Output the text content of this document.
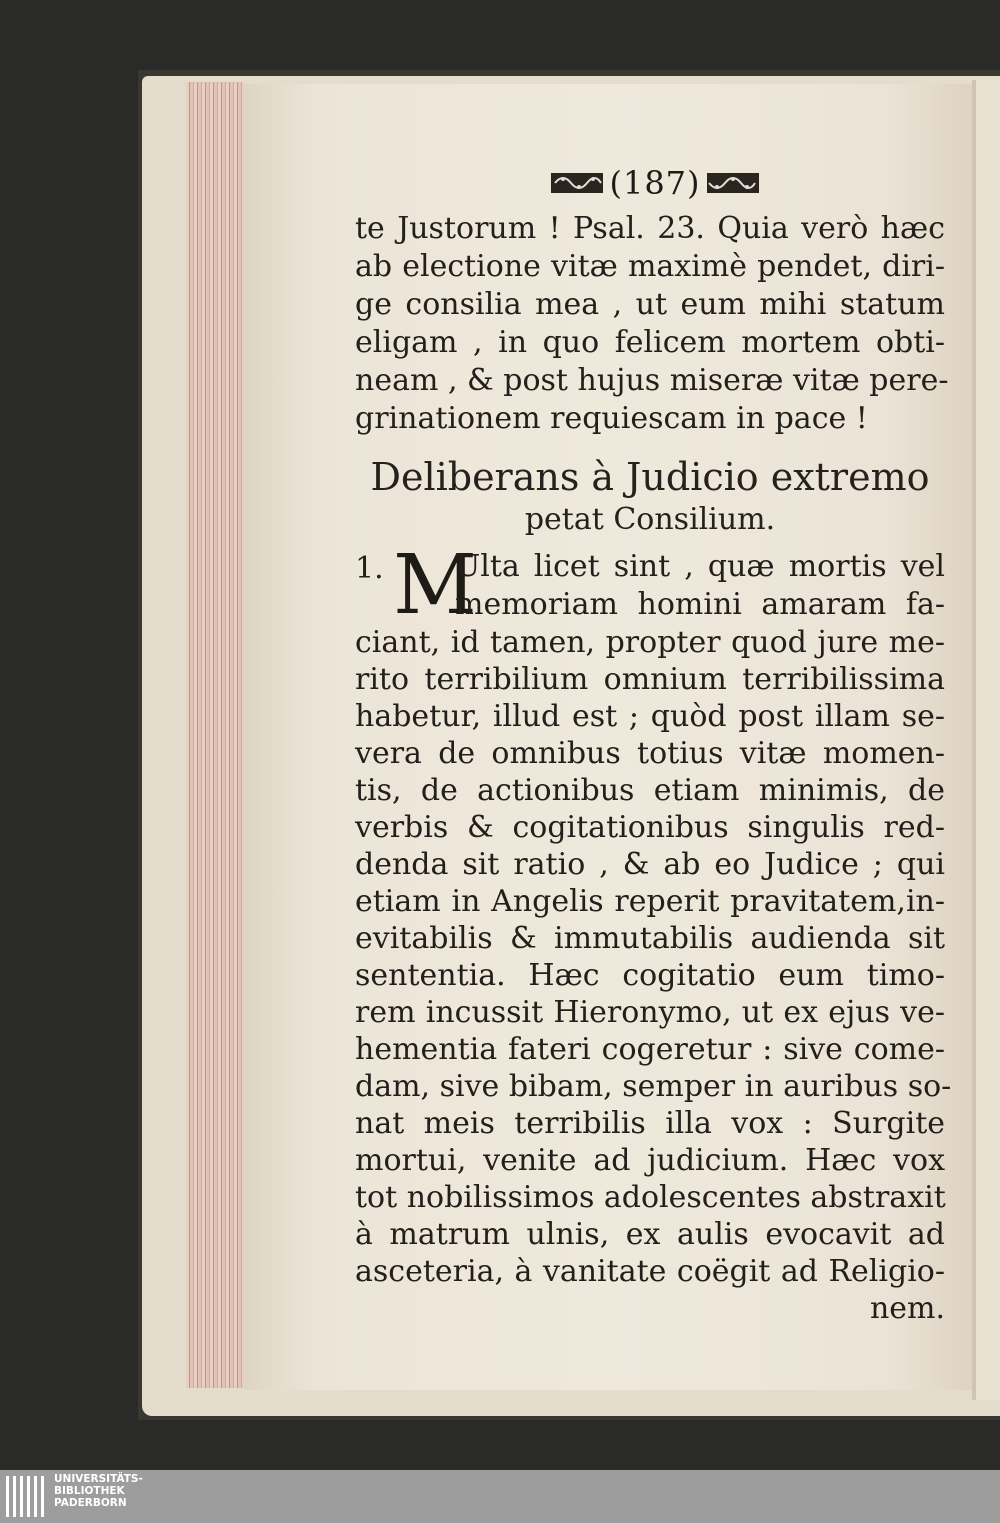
(187)
te Justorum ! Psal. 23. Quia verò hæc
ab electione vitæ maximè pendet, diri-
ge consilia mea , ut eum mihi statum
eligam , in quo felicem mortem obti-
neam , & post hujus miseræ vitæ pere-
grinationem requiescam in pace !
Deliberans à Judicio extremo
petat Consilium.
1. M
Ulta licet sint , quæ mortis vel
memoriam homini amaram fa-
ciant, id tamen, propter quod jure me-
rito terribilium omnium terribilissima
habetur, illud est ; quòd post illam se-
vera de omnibus totius vitæ momen-
tis, de actionibus etiam minimis, de
verbis & cogitationibus singulis red-
denda sit ratio , & ab eo Judice ; qui
etiam in Angelis reperit pravitatem,in-
evitabilis & immutabilis audienda sit
sententia. Hæc cogitatio eum timo-
rem incussit Hieronymo, ut ex ejus ve-
hementia fateri cogeretur : sive come-
dam, sive bibam, semper in auribus so-
nat meis terribilis illa vox : Surgite
mortui, venite ad judicium. Hæc vox
tot nobilissimos adolescentes abstraxit
à matrum ulnis, ex aulis evocavit ad
asceteria, à vanitate coëgit ad Religio-
nem.
UNIVERSITÄTS-
BIBLIOTHEK
PADERBORN
